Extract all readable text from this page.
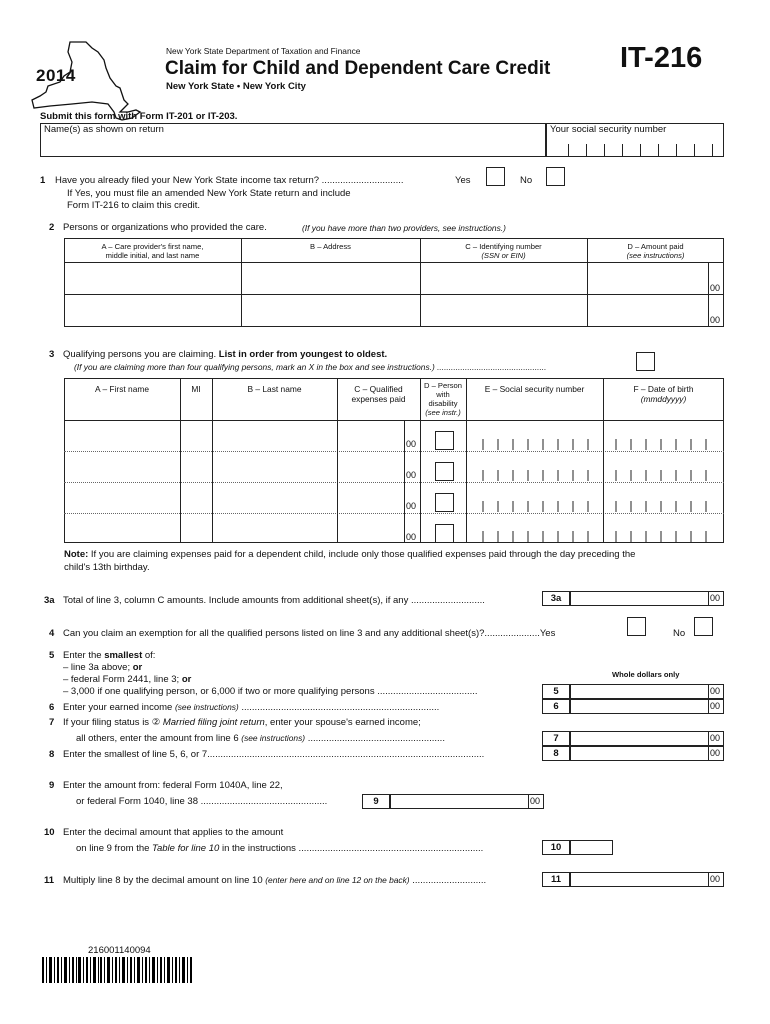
2014
New York State Department of Taxation and Finance
Claim for Child and Dependent Care Credit
New York State • New York City
IT-216
Submit this form with Form IT-201 or IT-203.
Name(s) as shown on return	Your social security number
1 Have you already filed your New York State income tax return? ...............................	Yes	No
If Yes, you must file an amended New York State return and include
Form IT-216 to claim this credit.
2 Persons or organizations who provided the care.	(If you have more than two providers, see instructions.)
A – Care provider's first name,
middle initial, and last name
B – Address	C – Identifying number
(SSN or EIN)
D – Amount paid
(see instructions)
00
00
3 Qualifying persons you are claiming. List in order from youngest to oldest.
(If you are claiming more than four qualifying persons, mark an X in the box and see instructions.) ...............................................
A – First name	MI	B – Last name	C – Qualified
expenses paid
D – Person
with
disability
(see instr.)
E – Social security number	F – Date of birth
(mmddyyyy)
00
00
00
00
Note: If you are claiming expenses paid for a dependent child, include only those qualified expenses paid through the day preceding the
child's 13th birthday.
3a Total of line 3, column C amounts. Include amounts from additional sheet(s), if any ............................	3a	00
4 Can you claim an exemption for all the qualified persons listed on line 3 and any additional sheet(s)?.....................Yes	No
5 Enter the smallest of:
– line 3a above; or
– federal Form 2441, line 3; or
– 3,000 if one qualifying person, or 6,000 if two or more qualifying persons ......................................
Whole dollars only
5	00
6 Enter your earned income (see instructions) ...........................................................................	6	00
7 If your filing status is ② Married filing joint return, enter your spouse's earned income;
all others, enter the amount from line 6 (see instructions) ....................................................	7	00
8 Enter the smallest of line 5, 6, or 7.........................................................................................................	8	00
9 Enter the amount from: federal Form 1040A, line 22,
or federal Form 1040, line 38 ................................................	9	00
10 Enter the decimal amount that applies to the amount
on line 9 from the Table for line 10 in the instructions ......................................................................	10
11 Multiply line 8 by the decimal amount on line 10 (enter here and on line 12 on the back) ............................	11	00
216001140094
